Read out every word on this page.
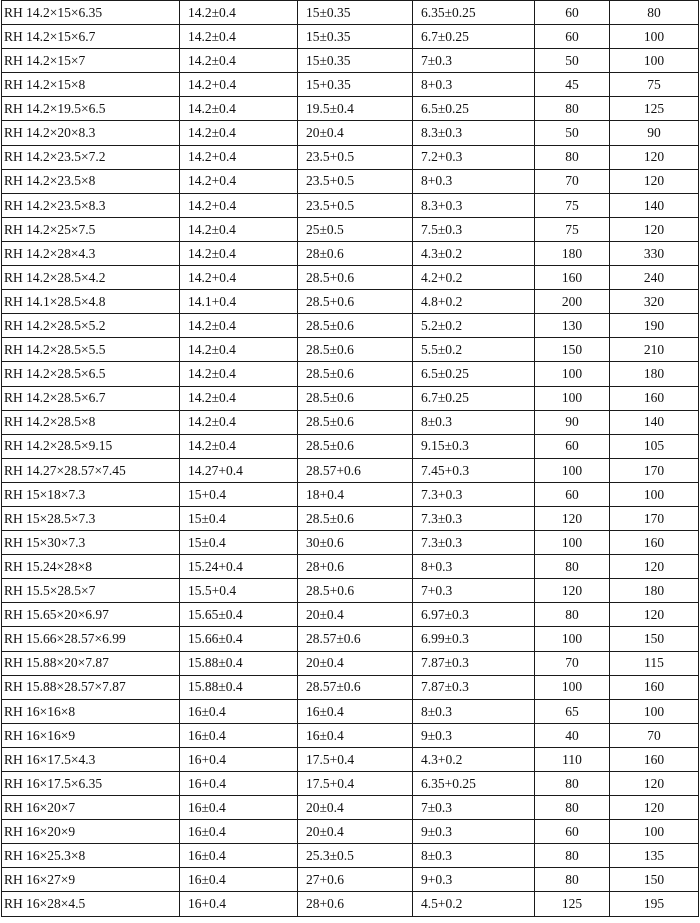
RH 14.2×15×6.35	14.2±0.4	15±0.35	6.35±0.25	60	80
RH 14.2×15×6.7	14.2±0.4	15±0.35	6.7±0.25	60	100
RH 14.2×15×7	14.2±0.4	15±0.35	7±0.3	50	100
RH 14.2×15×8	14.2+0.4	15+0.35	8+0.3	45	75
RH 14.2×19.5×6.5	14.2±0.4	19.5±0.4	6.5±0.25	80	125
RH 14.2×20×8.3	14.2±0.4	20±0.4	8.3±0.3	50	90
RH 14.2×23.5×7.2	14.2+0.4	23.5+0.5	7.2+0.3	80	120
RH 14.2×23.5×8	14.2+0.4	23.5+0.5	8+0.3	70	120
RH 14.2×23.5×8.3	14.2+0.4	23.5+0.5	8.3+0.3	75	140
RH 14.2×25×7.5	14.2±0.4	25±0.5	7.5±0.3	75	120
RH 14.2×28×4.3	14.2±0.4	28±0.6	4.3±0.2	180	330
RH 14.2×28.5×4.2	14.2+0.4	28.5+0.6	4.2+0.2	160	240
RH 14.1×28.5×4.8	14.1+0.4	28.5+0.6	4.8+0.2	200	320
RH 14.2×28.5×5.2	14.2±0.4	28.5±0.6	5.2±0.2	130	190
RH 14.2×28.5×5.5	14.2±0.4	28.5±0.6	5.5±0.2	150	210
RH 14.2×28.5×6.5	14.2±0.4	28.5±0.6	6.5±0.25	100	180
RH 14.2×28.5×6.7	14.2±0.4	28.5±0.6	6.7±0.25	100	160
RH 14.2×28.5×8	14.2±0.4	28.5±0.6	8±0.3	90	140
RH 14.2×28.5×9.15	14.2±0.4	28.5±0.6	9.15±0.3	60	105
RH 14.27×28.57×7.45	14.27+0.4	28.57+0.6	7.45+0.3	100	170
RH 15×18×7.3	15+0.4	18+0.4	7.3+0.3	60	100
RH 15×28.5×7.3	15±0.4	28.5±0.6	7.3±0.3	120	170
RH 15×30×7.3	15±0.4	30±0.6	7.3±0.3	100	160
RH 15.24×28×8	15.24+0.4	28+0.6	8+0.3	80	120
RH 15.5×28.5×7	15.5+0.4	28.5+0.6	7+0.3	120	180
RH 15.65×20×6.97	15.65±0.4	20±0.4	6.97±0.3	80	120
RH 15.66×28.57×6.99	15.66±0.4	28.57±0.6	6.99±0.3	100	150
RH 15.88×20×7.87	15.88±0.4	20±0.4	7.87±0.3	70	115
RH 15.88×28.57×7.87	15.88±0.4	28.57±0.6	7.87±0.3	100	160
RH 16×16×8	16±0.4	16±0.4	8±0.3	65	100
RH 16×16×9	16±0.4	16±0.4	9±0.3	40	70
RH 16×17.5×4.3	16+0.4	17.5+0.4	4.3+0.2	110	160
RH 16×17.5×6.35	16+0.4	17.5+0.4	6.35+0.25	80	120
RH 16×20×7	16±0.4	20±0.4	7±0.3	80	120
RH 16×20×9	16±0.4	20±0.4	9±0.3	60	100
RH 16×25.3×8	16±0.4	25.3±0.5	8±0.3	80	135
RH 16×27×9	16±0.4	27+0.6	9+0.3	80	150
RH 16×28×4.5	16+0.4	28+0.6	4.5+0.2	125	195
